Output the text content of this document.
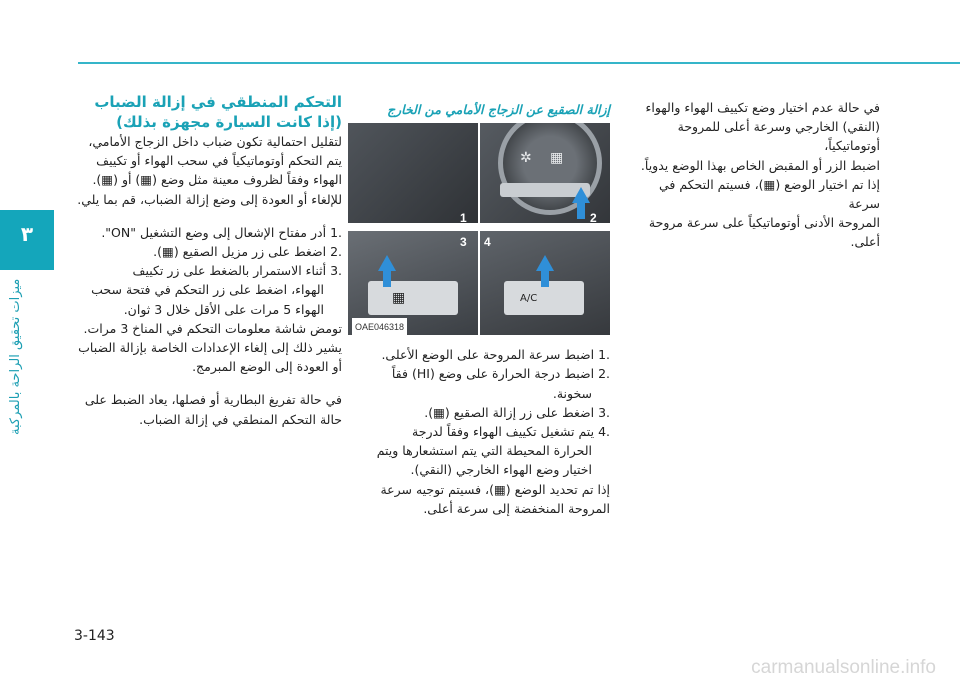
٣
ميزات تحقيق الراحة بالمركبة

في حالة عدم اختيار وضع تكييف الهواء والهواء

(النقي) الخارجي وسرعة أعلى للمروحة أوتوماتيكياً،

اضبط الزر أو المقبض الخاص بهذا الوضع يدوياً.

إذا تم اختيار الوضع (▦)، فسيتم التحكم في سرعة

المروحة الأدنى أوتوماتيكياً على سرعة مروحة أعلى.

إزالة الصقيع عن الزجاج الأمامي من الخارج

✲ ▦
2
1
A/C
4
▦
3
OAE046318
.1اضبط سرعة المروحة على الوضع الأعلى.
.2اضبط درجة الحرارة على وضع (HI) فقاً
سخونة.
.3اضغط على زر إزالة الصقيع (▦).
.4يتم تشغيل تكييف الهواء وفقاً لدرجة
الحرارة المحيطة التي يتم استشعارها ويتم
اختيار وضع الهواء الخارجي (النقي).
إذا تم تحديد الوضع (▦)، فسيتم توجيه سرعة
المروحة المنخفضة إلى سرعة أعلى.

التحكم المنطقي في إزالة الضباب

(إذا كانت السيارة مجهزة بذلك)

لتقليل احتمالية تكون ضباب داخل الزجاج الأمامي،

يتم التحكم أوتوماتيكياً في سحب الهواء أو تكييف

الهواء وفقاً لظروف معينة مثل وضع (▦) أو (▦).

للإلغاء أو العودة إلى وضع إزالة الضباب، قم بما يلي.

.1أدر مفتاح الإشعال إلى وضع التشغيل "ON".
.2اضغط على زر مزيل الصقيع (▦).
.3أثناء الاستمرار بالضغط على زر تكييف
الهواء، اضغط على زر التحكم في فتحة سحب
الهواء 5 مرات على الأقل خلال 3 ثوان.
تومض شاشة معلومات التحكم في المناخ 3 مرات.
يشير ذلك إلى إلغاء الإعدادات الخاصة بإزالة الضباب
أو العودة إلى الوضع المبرمج.

في حالة تفريغ البطارية أو فصلها، يعاد الضبط على

حالة التحكم المنطقي في إزالة الضباب.

3-143
carmanualsonline.info
